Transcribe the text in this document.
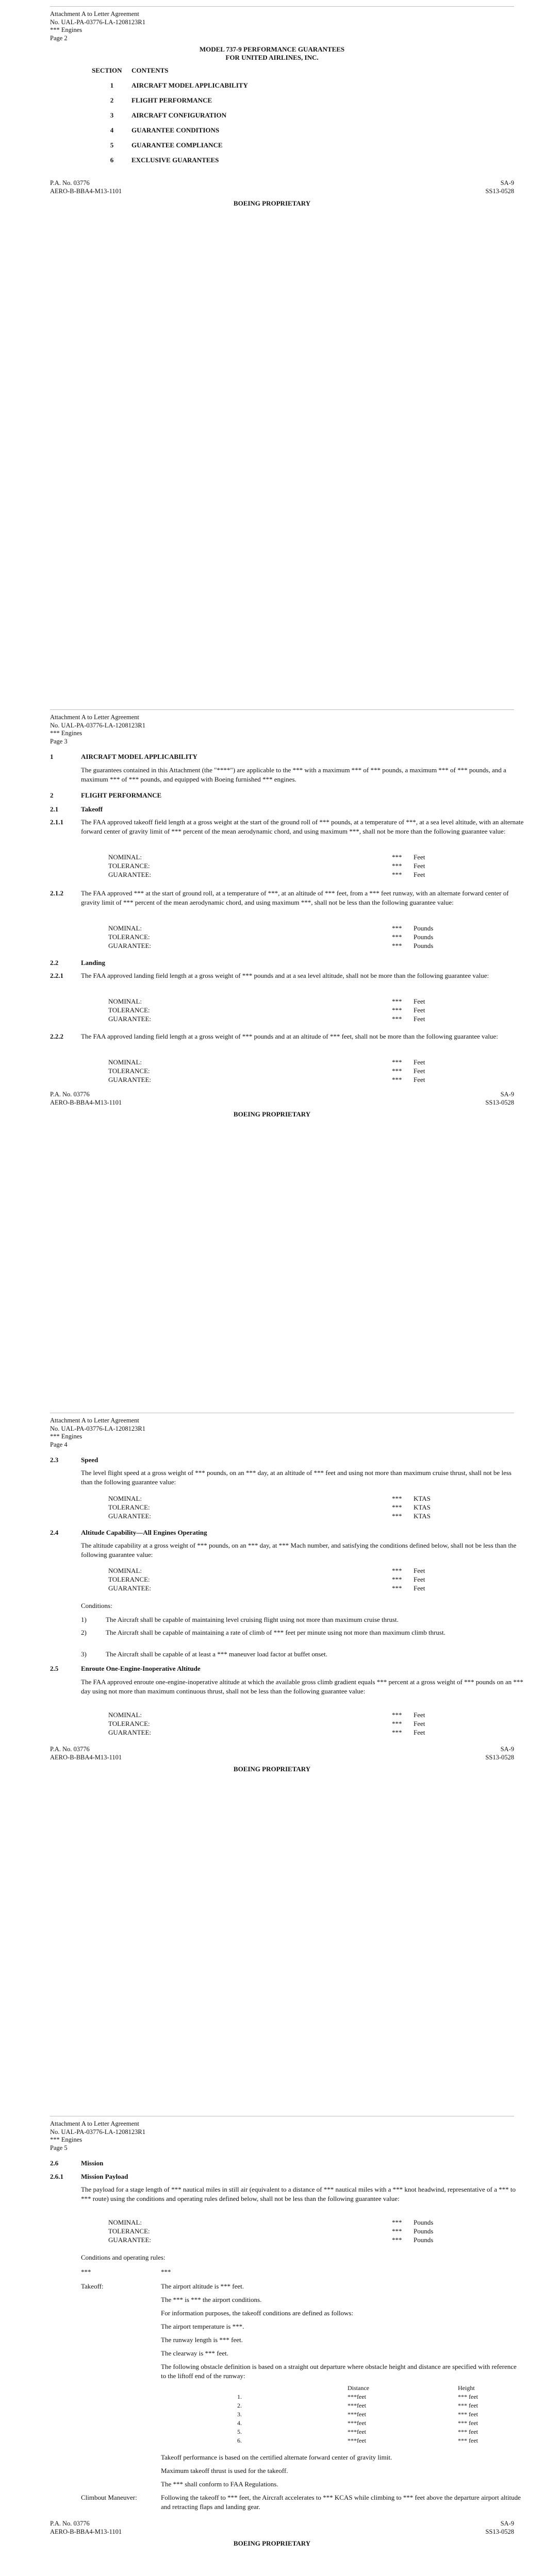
Attachment A to Letter Agreement
No. UAL-PA-03776-LA-1208123R1
*** Engines
Page 2
MODEL 737-9 PERFORMANCE GUARANTEES
FOR UNITED AIRLINES, INC.
SECTION CONTENTS
1	AIRCRAFT MODEL APPLICABILITY
2	FLIGHT PERFORMANCE
3	AIRCRAFT CONFIGURATION
4	GUARANTEE CONDITIONS
5	GUARANTEE COMPLIANCE
6	EXCLUSIVE GUARANTEES
P.A. No. 03776
AERO-B-BBA4-M13-1101
SA-9
SS13-0528
BOEING PROPRIETARY
Attachment A to Letter Agreement
No. UAL-PA-03776-LA-1208123R1
*** Engines
Page 3
1	AIRCRAFT MODEL APPLICABILITY
The guarantees contained in this Attachment (the "****") are applicable to the *** with a maximum *** of *** pounds, a maximum *** of *** pounds, and a maximum *** of *** pounds, and equipped with Boeing furnished *** engines.
2	FLIGHT PERFORMANCE
2.1	Takeoff
2.1.1	The FAA approved takeoff field length at a gross weight at the start of the ground roll of *** pounds, at a temperature of ***, at a sea level altitude, with an alternate forward center of gravity limit of *** percent of the mean aerodynamic chord, and using maximum ***, shall not be more than the following guarantee value:
NOMINAL:	*** Feet
TOLERANCE:	*** Feet
GUARANTEE:	*** Feet
2.1.2	The FAA approved *** at the start of ground roll, at a temperature of ***, at an altitude of *** feet, from a *** feet runway, with an alternate forward center of gravity limit of *** percent of the mean aerodynamic chord, and using maximum ***, shall not be less than the following guarantee value:
NOMINAL:	*** Pounds
TOLERANCE:	*** Pounds
GUARANTEE:	*** Pounds
2.2	Landing
2.2.1	The FAA approved landing field length at a gross weight of *** pounds and at a sea level altitude, shall not be more than the following guarantee value:
NOMINAL:	*** Feet
TOLERANCE:	*** Feet
GUARANTEE:	*** Feet
2.2.2	The FAA approved landing field length at a gross weight of *** pounds and at an altitude of *** feet, shall not be more than the following guarantee value:
NOMINAL:	*** Feet
TOLERANCE:	*** Feet
GUARANTEE:	*** Feet
P.A. No. 03776
AERO-B-BBA4-M13-1101
SA-9
SS13-0528
BOEING PROPRIETARY
Attachment A to Letter Agreement
No. UAL-PA-03776-LA-1208123R1
*** Engines
Page 4
2.3	Speed
The level flight speed at a gross weight of *** pounds, on an *** day, at an altitude of *** feet and using not more than maximum cruise thrust, shall not be less than the following guarantee value:
NOMINAL:	*** KTAS
TOLERANCE:	*** KTAS
GUARANTEE:	*** KTAS
2.4	Altitude Capability—All Engines Operating
The altitude capability at a gross weight of *** pounds, on an *** day, at *** Mach number, and satisfying the conditions defined below, shall not be less than the following guarantee value:
NOMINAL:	*** Feet
TOLERANCE:	*** Feet
GUARANTEE:	*** Feet
Conditions:
1)	The Aircraft shall be capable of maintaining level cruising flight using not more than maximum cruise thrust.
2)	The Aircraft shall be capable of maintaining a rate of climb of *** feet per minute using not more than maximum climb thrust.
3)	The Aircraft shall be capable of at least a *** maneuver load factor at buffet onset.
2.5	Enroute One-Engine-Inoperative Altitude
The FAA approved enroute one-engine-inoperative altitude at which the available gross climb gradient equals *** percent at a gross weight of *** pounds on an *** day using not more than maximum continuous thrust, shall not be less than the following guarantee value:
NOMINAL:	*** Feet
TOLERANCE:	*** Feet
GUARANTEE:	*** Feet
P.A. No. 03776
AERO-B-BBA4-M13-1101
SA-9
SS13-0528
BOEING PROPRIETARY
Attachment A to Letter Agreement
No. UAL-PA-03776-LA-1208123R1
*** Engines
Page 5
2.6	Mission
2.6.1	Mission Payload
The payload for a stage length of *** nautical miles in still air (equivalent to a distance of *** nautical miles with a *** knot headwind, representative of a *** to *** route) using the conditions and operating rules defined below, shall not be less than the following guarantee value:
NOMINAL:	*** Pounds
TOLERANCE:	*** Pounds
GUARANTEE:	*** Pounds
Conditions and operating rules:
***	***
Takeoff:	The airport altitude is *** feet.
The *** is *** the airport conditions.
For information purposes, the takeoff conditions are defined as follows:
The airport temperature is ***.
The runway length is *** feet.
The clearway is *** feet.
The following obstacle definition is based on a straight out departure where obstacle height and distance are specified with reference to the liftoff end of the runway:
Distance	Height
1.	***feet	*** feet
2.	***feet	*** feet
3.	***feet	*** feet
4.	***feet	*** feet
5.	***feet	*** feet
6.	***feet	*** feet
Takeoff performance is based on the certified alternate forward center of gravity limit.
Maximum takeoff thrust is used for the takeoff.
The *** shall conform to FAA Regulations.
Climbout Maneuver:	Following the takeoff to *** feet, the Aircraft accelerates to *** KCAS while climbing to *** feet above the departure airport altitude and retracting flaps and landing gear.
P.A. No. 03776
AERO-B-BBA4-M13-1101
SA-9
SS13-0528
BOEING PROPRIETARY
